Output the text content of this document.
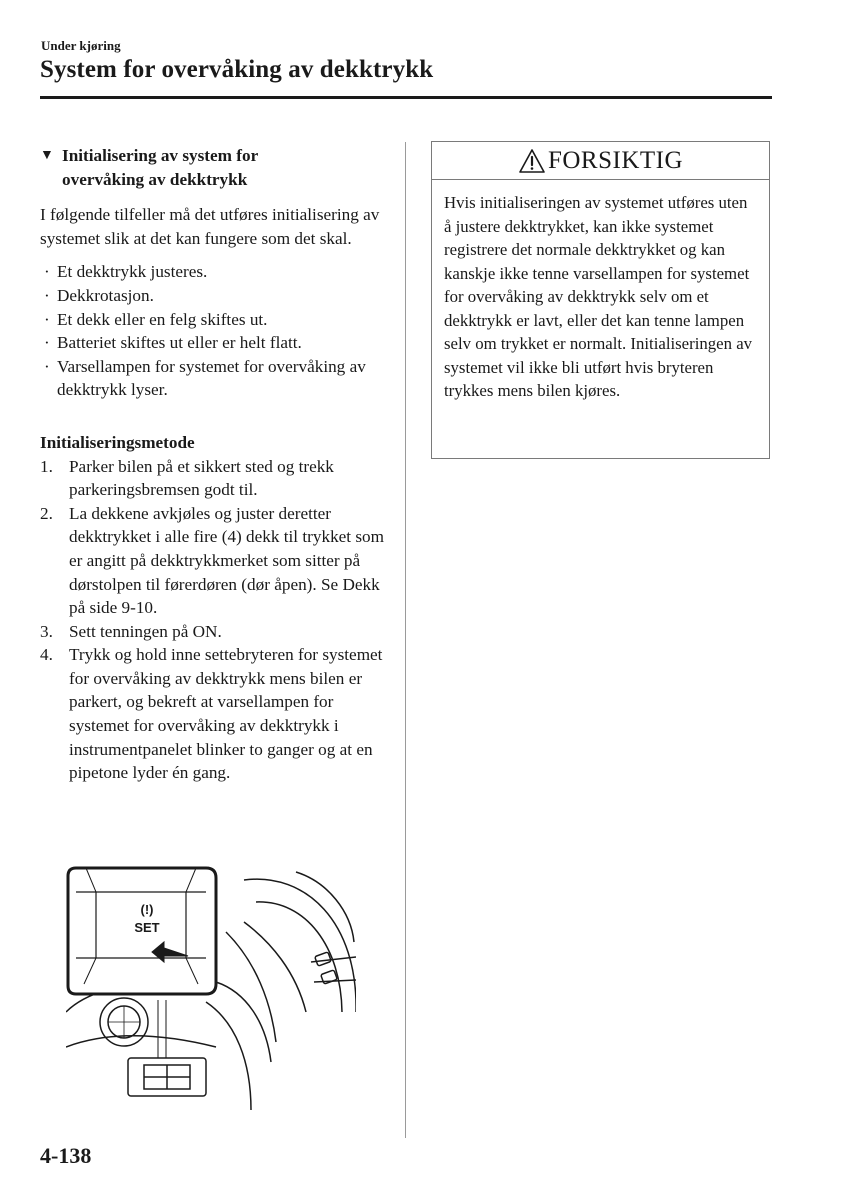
Under kjøring
System for overvåking av dekktrykk
▼ Initialisering av system for
overvåking av dekktrykk
I følgende tilfeller må det utføres initialisering av systemet slik at det kan fungere som det skal.
· Et dekktrykk justeres.
· Dekkrotasjon.
· Et dekk eller en felg skiftes ut.
· Batteriet skiftes ut eller er helt flatt.
· Varsellampen for systemet for overvåking av dekktrykk lyser.
Initialiseringsmetode
1. Parker bilen på et sikkert sted og trekk parkeringsbremsen godt til.
2. La dekkene avkjøles og juster deretter dekktrykket i alle fire (4) dekk til trykket som er angitt på dekktrykkmerket som sitter på dørstolpen til førerdøren (dør åpen). Se Dekk på side 9-10.
3. Sett tenningen på ON.
4. Trykk og hold inne settebryteren for systemet for overvåking av dekktrykk mens bilen er parkert, og bekreft at varsellampen for systemet for overvåking av dekktrykk i instrumentpanelet blinker to ganger og at en pipetone lyder én gang.
(!)
SET
FORSIKTIG
Hvis initialiseringen av systemet utføres uten å justere dekktrykket, kan ikke systemet registrere det normale dekktrykket og kan kanskje ikke tenne varsellampen for systemet for overvåking av dekktrykk selv om et dekktrykk er lavt, eller det kan tenne lampen selv om trykket er normalt. Initialiseringen av systemet vil ikke bli utført hvis bryteren trykkes mens bilen kjøres.
4-138
